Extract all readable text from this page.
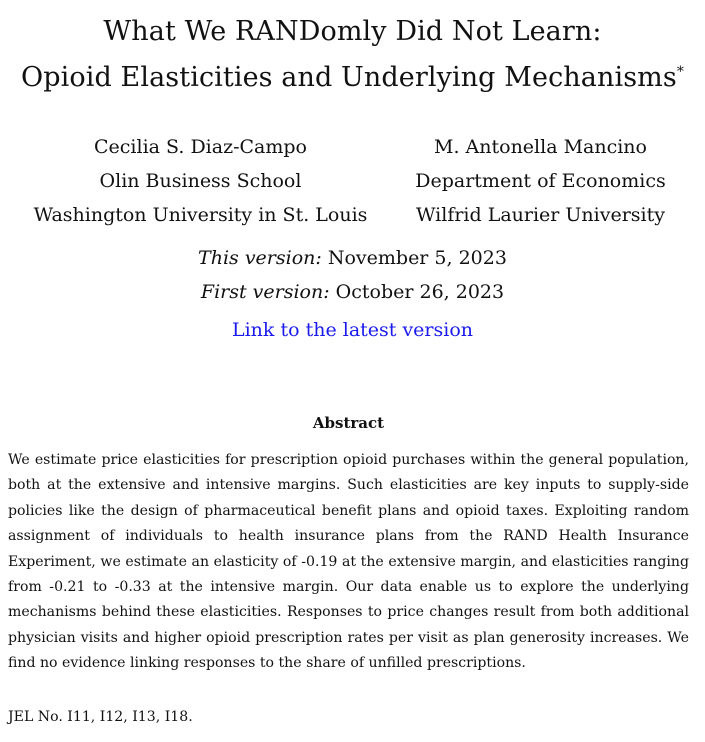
What We RANDomly Did Not Learn:
Opioid Elasticities and Underlying Mechanisms*
Cecilia S. Diaz-Campo
Olin Business School
Washington University in St. Louis
M. Antonella Mancino
Department of Economics
Wilfrid Laurier University
This version: November 5, 2023
First version: October 26, 2023
Link to the latest version
Abstract
We estimate price elasticities for prescription opioid purchases within the general population, both at the extensive and intensive margins. Such elasticities are key inputs to supply-side policies like the design of pharmaceutical benefit plans and opioid taxes. Exploiting random assignment of individuals to health insurance plans from the RAND Health Insurance Experiment, we estimate an elasticity of -0.19 at the extensive margin, and elasticities ranging from -0.21 to -0.33 at the intensive margin. Our data enable us to explore the underlying mechanisms behind these elasticities. Responses to price changes result from both additional physician visits and higher opioid prescription rates per visit as plan generosity increases. We find no evidence linking responses to the share of unfilled prescriptions.
JEL No. I11, I12, I13, I18.
